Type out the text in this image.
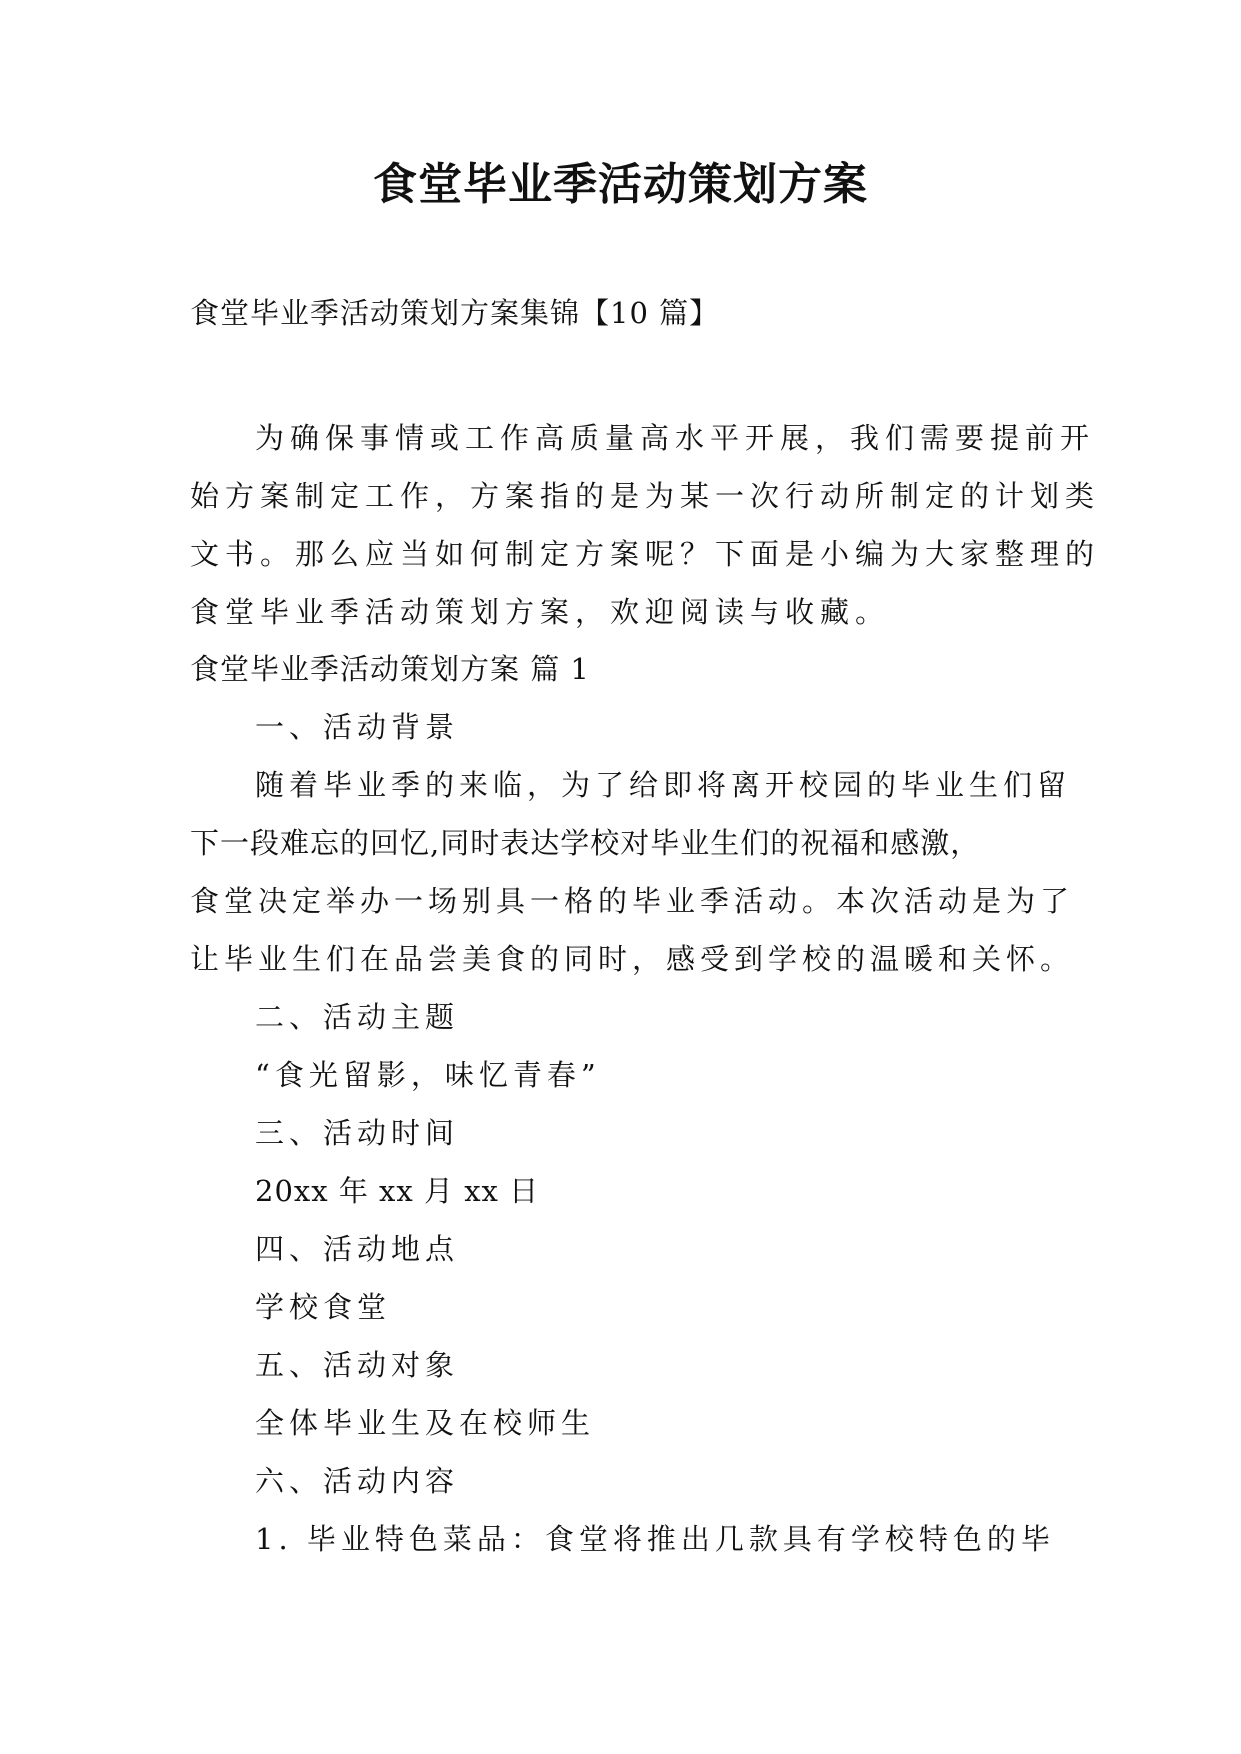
食堂毕业季活动策划方案
食堂毕业季活动策划方案集锦【10 篇】
为确保事情或工作高质量高水平开展，我们需要提前开
始方案制定工作，方案指的是为某一次行动所制定的计划类
文书。那么应当如何制定方案呢？下面是小编为大家整理的
食堂毕业季活动策划方案，欢迎阅读与收藏。
食堂毕业季活动策划方案 篇 1
一、活动背景
随着毕业季的来临，为了给即将离开校园的毕业生们留
下一段难忘的回忆,同时表达学校对毕业生们的祝福和感激，
食堂决定举办一场别具一格的毕业季活动。本次活动是为了
让毕业生们在品尝美食的同时，感受到学校的温暖和关怀。
二、活动主题
“食光留影，味忆青春”
三、活动时间
20xx 年 xx 月 xx 日
四、活动地点
学校食堂
五、活动对象
全体毕业生及在校师生
六、活动内容
1. 毕业特色菜品：食堂将推出几款具有学校特色的毕
